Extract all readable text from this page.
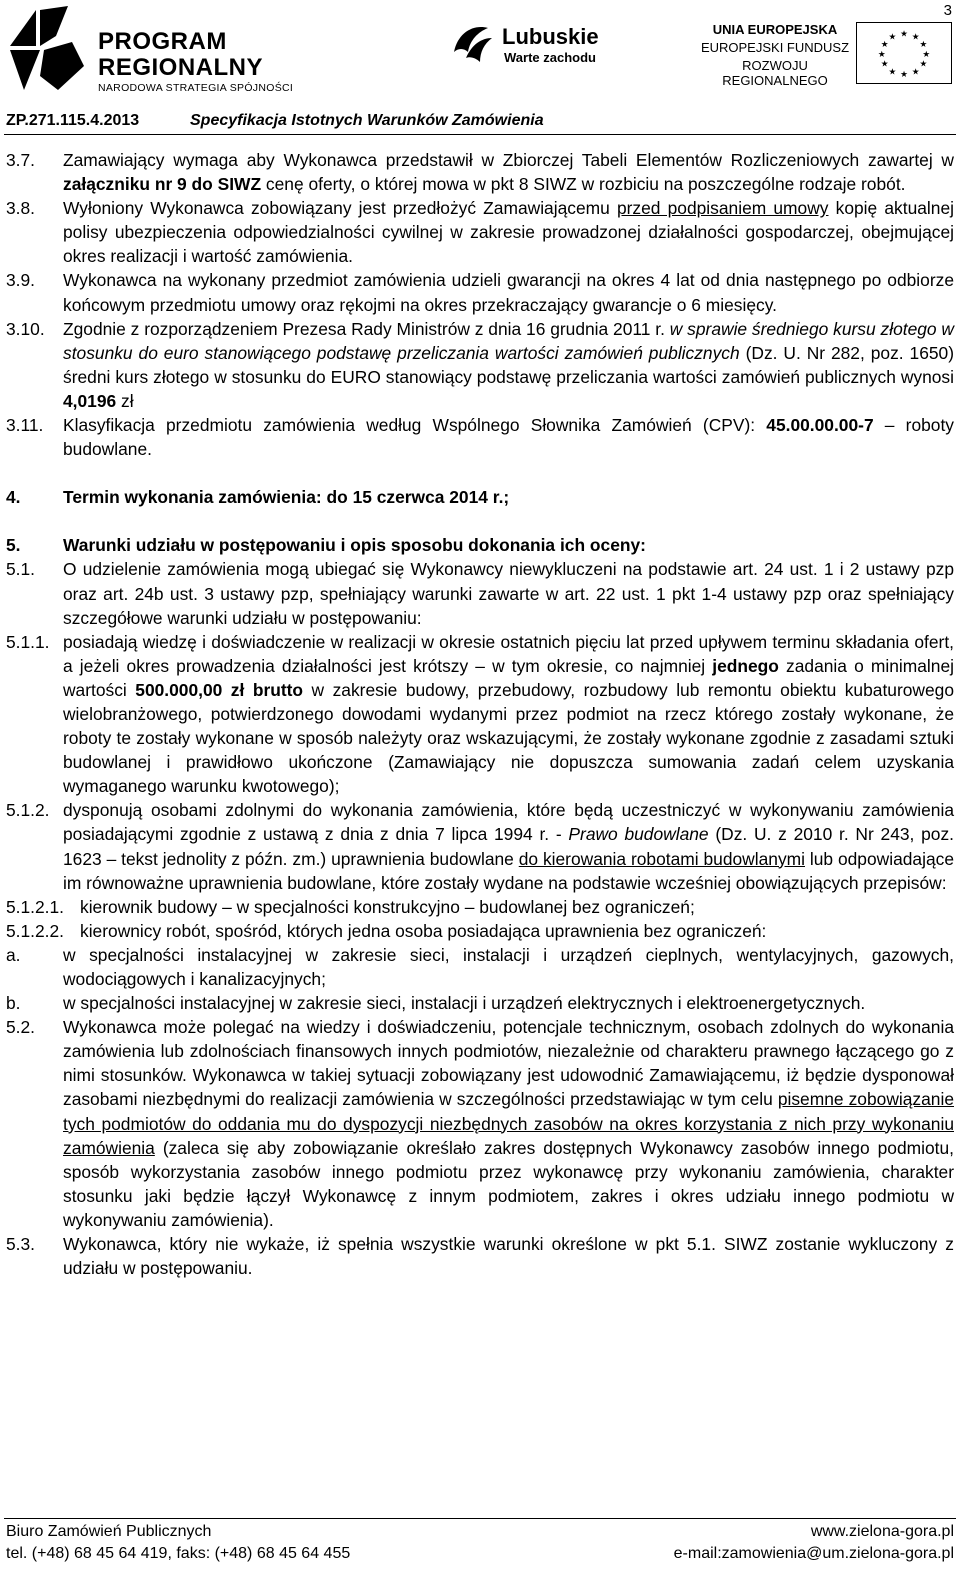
3
PROGRAM
REGIONALNY
NARODOWA STRATEGIA SPÓJNOŚCI
Lubuskie
Warte zachodu
UNIA EUROPEJSKA
EUROPEJSKI FUNDUSZ
ROZWOJU REGIONALNEGO
★ ★
★
★
★
★
★
★
★
★
★
★
ZP.271.115.4.2013	Specyfikacja Istotnych Warunków Zamówienia
3.7.	Zamawiający wymaga aby Wykonawca przedstawił w Zbiorczej Tabeli Elementów Rozliczeniowych zawartej w załączniku nr 9 do SIWZ cenę oferty, o której mowa w pkt 8 SIWZ w rozbiciu na poszczególne rodzaje robót.
3.8.	Wyłoniony Wykonawca zobowiązany jest przedłożyć Zamawiającemu przed podpisaniem umowy kopię aktualnej polisy ubezpieczenia odpowiedzialności cywilnej w zakresie prowadzonej działalności gospodarczej, obejmującej okres realizacji i wartość zamówienia.
3.9.	Wykonawca na wykonany przedmiot zamówienia udzieli gwarancji na okres 4 lat od dnia następnego po odbiorze końcowym przedmiotu umowy oraz rękojmi na okres przekraczający gwarancje o 6 miesięcy.
3.10.	Zgodnie z rozporządzeniem Prezesa Rady Ministrów z dnia 16 grudnia 2011 r. w sprawie średniego kursu złotego w stosunku do euro stanowiącego podstawę przeliczania wartości zamówień publicznych (Dz. U. Nr 282, poz. 1650) średni kurs złotego w stosunku do EURO stanowiący podstawę przeliczania wartości zamówień publicznych wynosi 4,0196 zł
3.11.	Klasyfikacja przedmiotu zamówienia według Wspólnego Słownika Zamówień (CPV): 45.00.00.00-7 – roboty budowlane.
4.	Termin wykonania zamówienia: do 15 czerwca 2014 r.;
5.	Warunki udziału w postępowaniu i opis sposobu dokonania ich oceny:
5.1.	O udzielenie zamówienia mogą ubiegać się Wykonawcy niewykluczeni na podstawie art. 24 ust. 1 i 2 ustawy pzp oraz art. 24b ust. 3 ustawy pzp, spełniający warunki zawarte w art. 22 ust. 1 pkt 1-4 ustawy pzp oraz spełniający szczegółowe warunki udziału w postępowaniu:
5.1.1. posiadają wiedzę i doświadczenie w realizacji w okresie ostatnich pięciu lat przed upływem terminu składania ofert, a jeżeli okres prowadzenia działalności jest krótszy – w tym okresie, co najmniej jednego zadania o minimalnej wartości 500.000,00 zł brutto w zakresie budowy, przebudowy, rozbudowy lub remontu obiektu kubaturowego wielobranżowego, potwierdzonego dowodami wydanymi przez podmiot na rzecz którego zostały wykonane, że roboty te zostały wykonane w sposób należyty oraz wskazującymi, że zostały wykonane zgodnie z zasadami sztuki budowlanej i prawidłowo ukończone (Zamawiający nie dopuszcza sumowania zadań celem uzyskania wymaganego warunku kwotowego);
5.1.2. dysponują osobami zdolnymi do wykonania zamówienia, które będą uczestniczyć w wykonywaniu zamówienia posiadającymi zgodnie z ustawą z dnia z dnia 7 lipca 1994 r. - Prawo budowlane (Dz. U. z 2010 r. Nr 243, poz. 1623 – tekst jednolity z późn. zm.) uprawnienia budowlane do kierowania robotami budowlanymi lub odpowiadające im równoważne uprawnienia budowlane, które zostały wydane na podstawie wcześniej obowiązujących przepisów:
5.1.2.1. kierownik budowy – w specjalności konstrukcyjno – budowlanej bez ograniczeń;
5.1.2.2. kierownicy robót, spośród, których jedna osoba posiadająca uprawnienia bez ograniczeń:
a.	w specjalności instalacyjnej w zakresie sieci, instalacji i urządzeń cieplnych, wentylacyjnych, gazowych, wodociągowych i kanalizacyjnych;
b.	w specjalności instalacyjnej w zakresie sieci, instalacji i urządzeń elektrycznych i elektroenergetycznych.
5.2.	Wykonawca może polegać na wiedzy i doświadczeniu, potencjale technicznym, osobach zdolnych do wykonania zamówienia lub zdolnościach finansowych innych podmiotów, niezależnie od charakteru prawnego łączącego go z nimi stosunków. Wykonawca w takiej sytuacji zobowiązany jest udowodnić Zamawiającemu, iż będzie dysponował zasobami niezbędnymi do realizacji zamówienia w szczególności przedstawiając w tym celu pisemne zobowiązanie tych podmiotów do oddania mu do dyspozycji niezbędnych zasobów na okres korzystania z nich przy wykonaniu zamówienia (zaleca się aby zobowiązanie określało zakres dostępnych Wykonawcy zasobów innego podmiotu, sposób wykorzystania zasobów innego podmiotu przez wykonawcę przy wykonaniu zamówienia, charakter stosunku jaki będzie łączył Wykonawcę z innym podmiotem, zakres i okres udziału innego podmiotu w wykonywaniu zamówienia).
5.3.	Wykonawca, który nie wykaże, iż spełnia wszystkie warunki określone w pkt 5.1. SIWZ zostanie wykluczony z udziału w postępowaniu.
Biuro Zamówień Publicznych
tel. (+48) 68 45 64 419, faks: (+48) 68 45 64 455
www.zielona-gora.pl
e-mail:zamowienia@um.zielona-gora.pl
